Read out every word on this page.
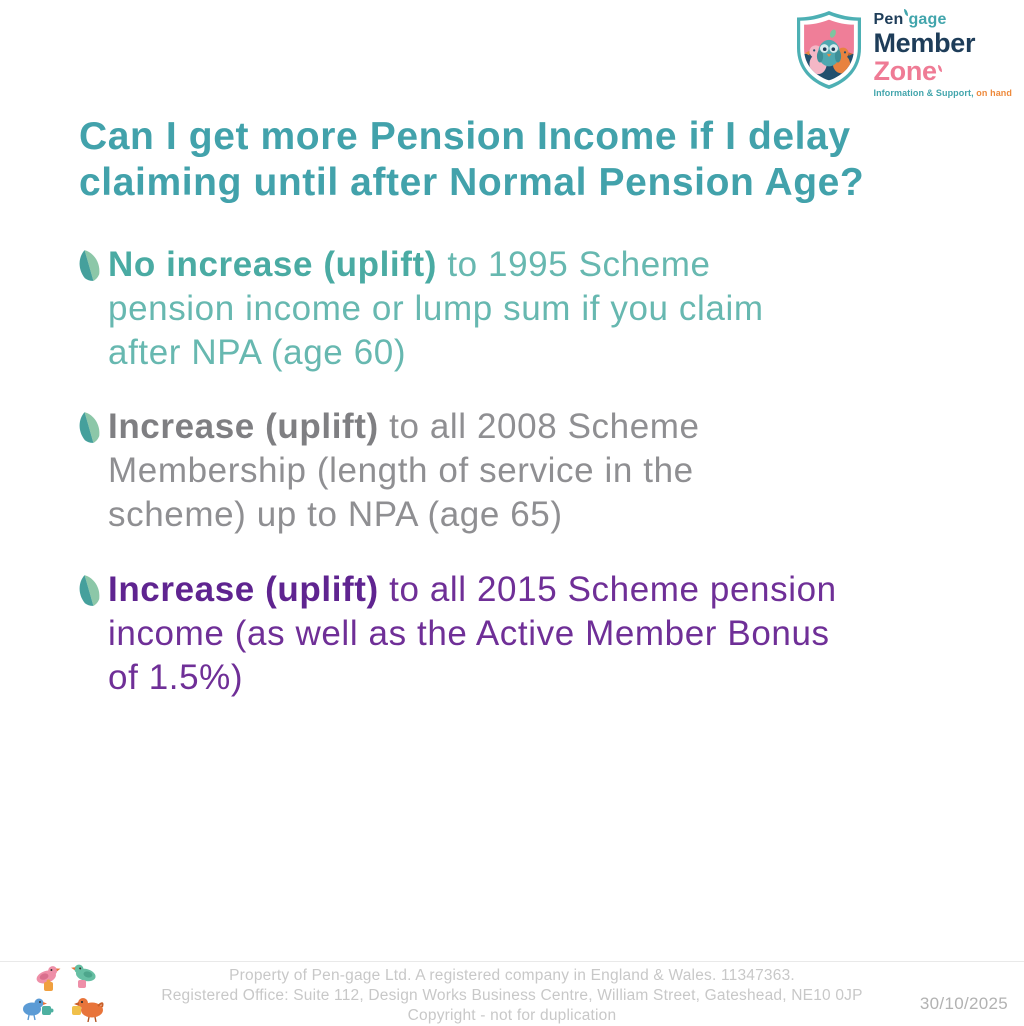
Pen gage
Member
Zone
Information & Support, on hand
Can I get more Pension Income if I delay claiming until after Normal Pension Age?
No increase (uplift) to 1995 Scheme pension income or lump sum if you claim after NPA (age 60)
Increase (uplift) to all 2008 Scheme Membership (length of service in the scheme) up to NPA (age 65)
Increase (uplift) to all 2015 Scheme pension income (as well as the Active Member Bonus of 1.5%)
Property of Pen-gage Ltd. A registered company in England & Wales. 11347363.
Registered Office: Suite 112, Design Works Business Centre, William Street, Gateshead, NE10 0JP
Copyright - not for duplication
30/10/2025
